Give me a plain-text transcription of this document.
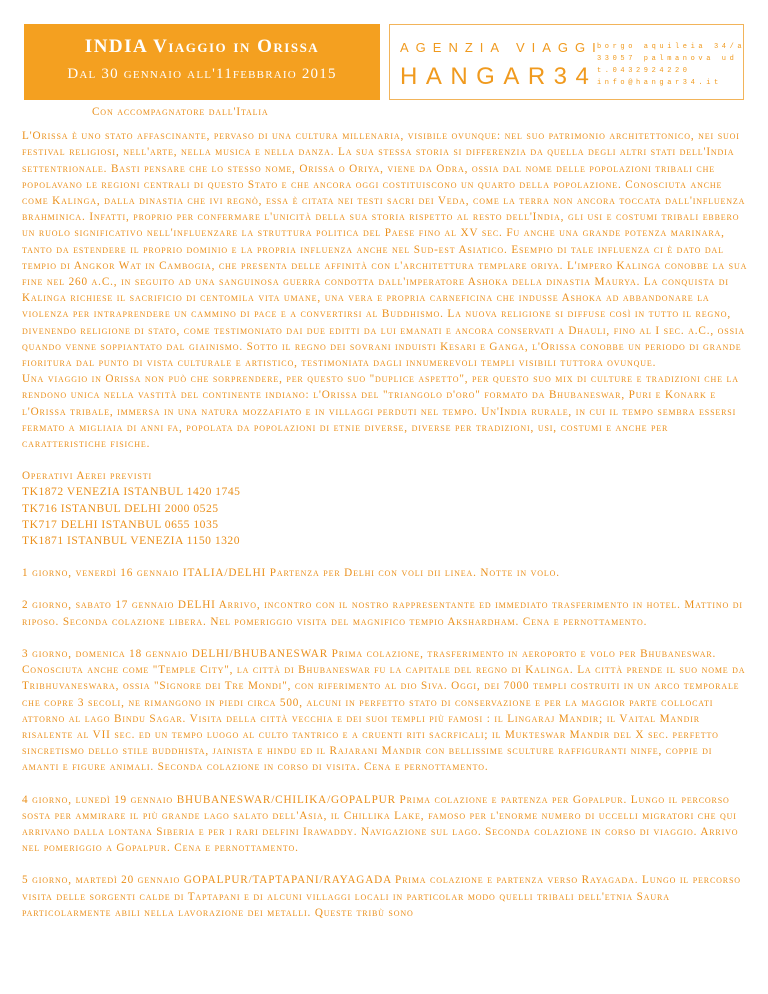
INDIA Viaggio in Orissa
Dal 30 gennaio all'11febbraio 2015
AGENZIA VIAGGI
HANGAR34
borgo aquileia 34/a
33057 palmanova ud
t.0432924220
info@hangar34.it
Con accompagnatore dall'Italia

L'Orissa è uno stato affascinante, pervaso di una cultura millenaria, visibile ovunque: nel suo patrimonio architettonico, nei suoi festival religiosi, nell'arte, nella musica e nella danza. La sua stessa storia si differenzia da quella degli altri stati dell'India settentrionale. Basti pensare che lo stesso nome, Orissa o Oriya, viene da Odra, ossia dal nome delle popolazioni tribali che popolavano le regioni centrali di questo Stato e che ancora oggi costituiscono un quarto della popolazione. Conosciuta anche come Kalinga, dalla dinastia che ivi regnò, essa è citata nei testi sacri dei Veda, come la terra non ancora toccata dall'influenza brahminica. Infatti, proprio per confermare l'unicità della sua storia rispetto al resto dell'India, gli usi e costumi tribali ebbero un ruolo significativo nell'influenzare la struttura politica del Paese fino al XV sec. Fu anche una grande potenza marinara, tanto da estendere il proprio dominio e la propria influenza anche nel Sud-est Asiatico. Esempio di tale influenza ci è dato dal tempio di Angkor Wat in Cambogia, che presenta delle affinità con l'architettura templare oriya. L'impero Kalinga conobbe la sua fine nel 260 a.C., in seguito ad una sanguinosa guerra condotta dall'imperatore Ashoka della dinastia Maurya. La conquista di Kalinga richiese il sacrificio di centomila vita umane, una vera e propria carneficina che indusse Ashoka ad abbandonare la violenza per intraprendere un cammino di pace e a convertirsi al Buddhismo. La nuova religione si diffuse così in tutto il regno, divenendo religione di stato, come testimoniato dai due editti da lui emanati e ancora conservati a Dhauli, fino al I sec. a.C., ossia quando venne soppiantato dal giainismo. Sotto il regno dei sovrani induisti Kesari e Ganga, l'Orissa conobbe un periodo di grande fioritura dal punto di vista culturale e artistico, testimoniata dagli innumerevoli templi visibili tuttora ovunque.

Una viaggio in Orissa non può che sorprendere, per questo suo "duplice aspetto", per questo suo mix di culture e tradizioni che la rendono unica nella vastità del continente indiano: l'Orissa del "triangolo d'oro" formato da Bhubaneswar, Puri e Konark e l'Orissa tribale, immersa in una natura mozzafiato e in villaggi perduti nel tempo. Un'India rurale, in cui il tempo sembra essersi fermato a migliaia di anni fa, popolata da popolazioni di etnie diverse, diverse per tradizioni, usi, costumi e anche per caratteristiche fisiche.

Operativi Aerei previsti
TK1872 VENEZIA ISTANBUL 1420 1745
TK716 ISTANBUL DELHI 2000 0525
TK717 DELHI ISTANBUL 0655 1035
TK1871 ISTANBUL VENEZIA 1150 1320

1 giorno, venerdì 16 gennaio ITALIA/DELHI Partenza per Delhi con voli dii linea. Notte in volo.

2 giorno, sabato 17 gennaio DELHI Arrivo, incontro con il nostro rappresentante ed immediato trasferimento in hotel. Mattino di riposo. Seconda colazione libera. Nel pomeriggio visita del magnifico tempio Akshardham. Cena e pernottamento.

3 giorno, domenica 18 gennaio DELHI/BHUBANESWAR Prima colazione, trasferimento in aeroporto e volo per Bhubaneswar. Conosciuta anche come "Temple City", la città di Bhubaneswar fu la capitale del regno di Kalinga. La città prende il suo nome da Tribhuvaneswara, ossia "Signore dei Tre Mondi", con riferimento al dio Siva. Oggi, dei 7000 templi costruiti in un arco temporale che copre 3 secoli, ne rimangono in piedi circa 500, alcuni in perfetto stato di conservazione e per la maggior parte collocati attorno al lago Bindu Sagar. Visita della città vecchia e dei suoi templi più famosi : il Lingaraj Mandir; il Vaital Mandir risalente al VII sec. ed un tempo luogo al culto tantrico e a cruenti riti sacrficali; il Mukteswar Mandir del X sec. perfetto sincretismo dello stile buddhista, jainista e hindu ed il Rajarani Mandir con bellissime sculture raffiguranti ninfe, coppie di amanti e figure animali. Seconda colazione in corso di visita. Cena e pernottamento.

4 giorno, lunedì 19 gennaio BHUBANESWAR/CHILIKA/GOPALPUR Prima colazione e partenza per Gopalpur. Lungo il percorso sosta per ammirare il più grande lago salato dell'Asia, il Chillika Lake, famoso per l'enorme numero di uccelli migratori che qui arrivano dalla lontana Siberia e per i rari delfini Irawaddy. Navigazione sul lago. Seconda colazione in corso di viaggio. Arrivo nel pomeriggio a Gopalpur. Cena e pernottamento.

5 giorno, martedì 20 gennaio GOPALPUR/TAPTAPANI/RAYAGADA Prima colazione e partenza verso Rayagada. Lungo il percorso visita delle sorgenti calde di Taptapani e di alcuni villaggi locali in particolar modo quelli tribali dell'etnia Saura particolarmente abili nella lavorazione dei metalli. Queste tribù sono
